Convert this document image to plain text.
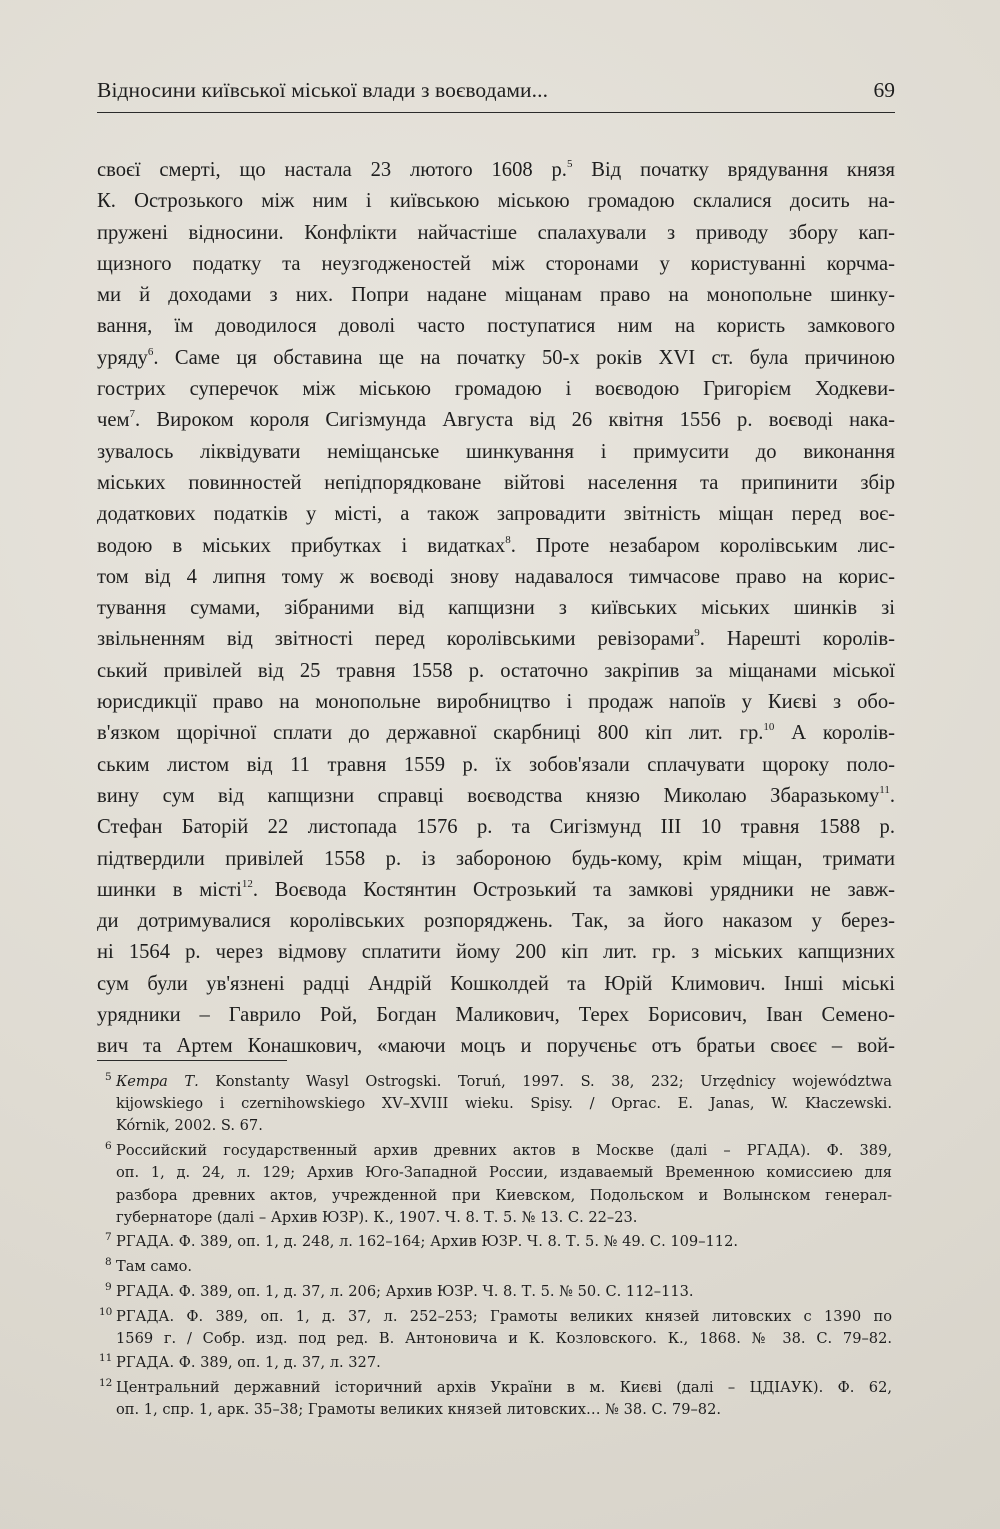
Відносини київської міської влади з воєводами...	69
своєї смерті, що настала 23 лютого 1608 р.$^5$ Від початку врядування князя
К. Острозького між ним і київською міською громадою склалися досить на-
пружені відносини. Конфлікти найчастіше спалахували з приводу збору кап-
щизного податку та неузгодженостей між сторонами у користуванні корчма-
ми й доходами з них. Попри надане міщанам право на монопольне шинку-
вання, їм доводилося доволі часто поступатися ним на користь замкового
уряду$^6$. Саме ця обставина ще на початку 50-х років XVI ст. була причиною
гострих суперечок між міською громадою і воєводою Григорієм Ходкеви-
чем$^7$. Вироком короля Сигізмунда Августа від 26 квітня 1556 р. воєводі нака-
зувалось ліквідувати неміщанське шинкування і примусити до виконання
міських повинностей непідпорядковане війтові населення та припинити збір
додаткових податків у місті, а також запровадити звітність міщан перед воє-
водою в міських прибутках і видатках$^8$. Проте незабаром королівським лис-
том від 4 липня тому ж воєводі знову надавалося тимчасове право на корис-
тування сумами, зібраними від капщизни з київських міських шинків зі
звільненням від звітності перед королівськими ревізорами$^9$. Нарешті королів-
ський привілей від 25 травня 1558 р. остаточно закріпив за міщанами міської
юрисдикції право на монопольне виробництво і продаж напоїв у Києві з обо-
в'язком щорічної сплати до державної скарбниці 800 кіп лит. гр.$^{10}$ А королів-
ським листом від 11 травня 1559 р. їх зобов'язали сплачувати щороку поло-
вину сум від капщизни справці воєводства князю Миколаю Збаразькому$^{11}$.
Стефан Баторій 22 листопада 1576 р. та Сигізмунд III 10 травня 1588 р.
підтвердили привілей 1558 р. із забороною будь-кому, крім міщан, тримати
шинки в місті$^{12}$. Воєвода Костянтин Острозький та замкові урядники не завж-
ди дотримувалися королівських розпоряджень. Так, за його наказом у берез-
ні 1564 р. через відмову сплатити йому 200 кіп лит. гр. з міських капщизних
сум були ув'язнені радці Андрій Кошколдей та Юрій Климович. Інші міські
урядники – Гаврило Рой, Богдан Маликович, Терех Борисович, Іван Семено-
вич та Артем Конашкович, «маючи моцъ и поручєньє отъ братьи своєє – вой-
5 Кетра Т. Konstanty Wasyl Ostrogski. Toruń, 1997. S. 38, 232; Urzędnicy województwa
kijowskiego i czernihowskiego XV–XVIII wieku. Spisy. / Oprac. E. Janas, W. Kłaczewski.
Kórnik, 2002. S. 67.
6 Российский государственный архив древних актов в Москве (далі – РГАДА). Ф. 389,
оп. 1, д. 24, л. 129; Архив Юго-Западной России, издаваемый Временною комиссиею для
разбора древних актов, учрежденной при Киевском, Подольском и Волынском генерал-
губернаторе (далі – Архив ЮЗР). К., 1907. Ч. 8. Т. 5. № 13. С. 22–23.
7 РГАДА. Ф. 389, оп. 1, д. 248, л. 162–164; Архив ЮЗР. Ч. 8. Т. 5. № 49. С. 109–112.
8 Там само.
9 РГАДА. Ф. 389, оп. 1, д. 37, л. 206; Архив ЮЗР. Ч. 8. Т. 5. № 50. С. 112–113.
10 РГАДА. Ф. 389, оп. 1, д. 37, л. 252–253; Грамоты великих князей литовских с 1390 по
1569 г. / Собр. изд. под ред. В. Антоновича и К. Козловского. К., 1868. № 38. С. 79–82.
11 РГАДА. Ф. 389, оп. 1, д. 37, л. 327.
12 Центральний державний історичний архів України в м. Києві (далі – ЦДІАУК). Ф. 62,
оп. 1, спр. 1, арк. 35–38; Грамоты великих князей литовских… № 38. С. 79–82.
